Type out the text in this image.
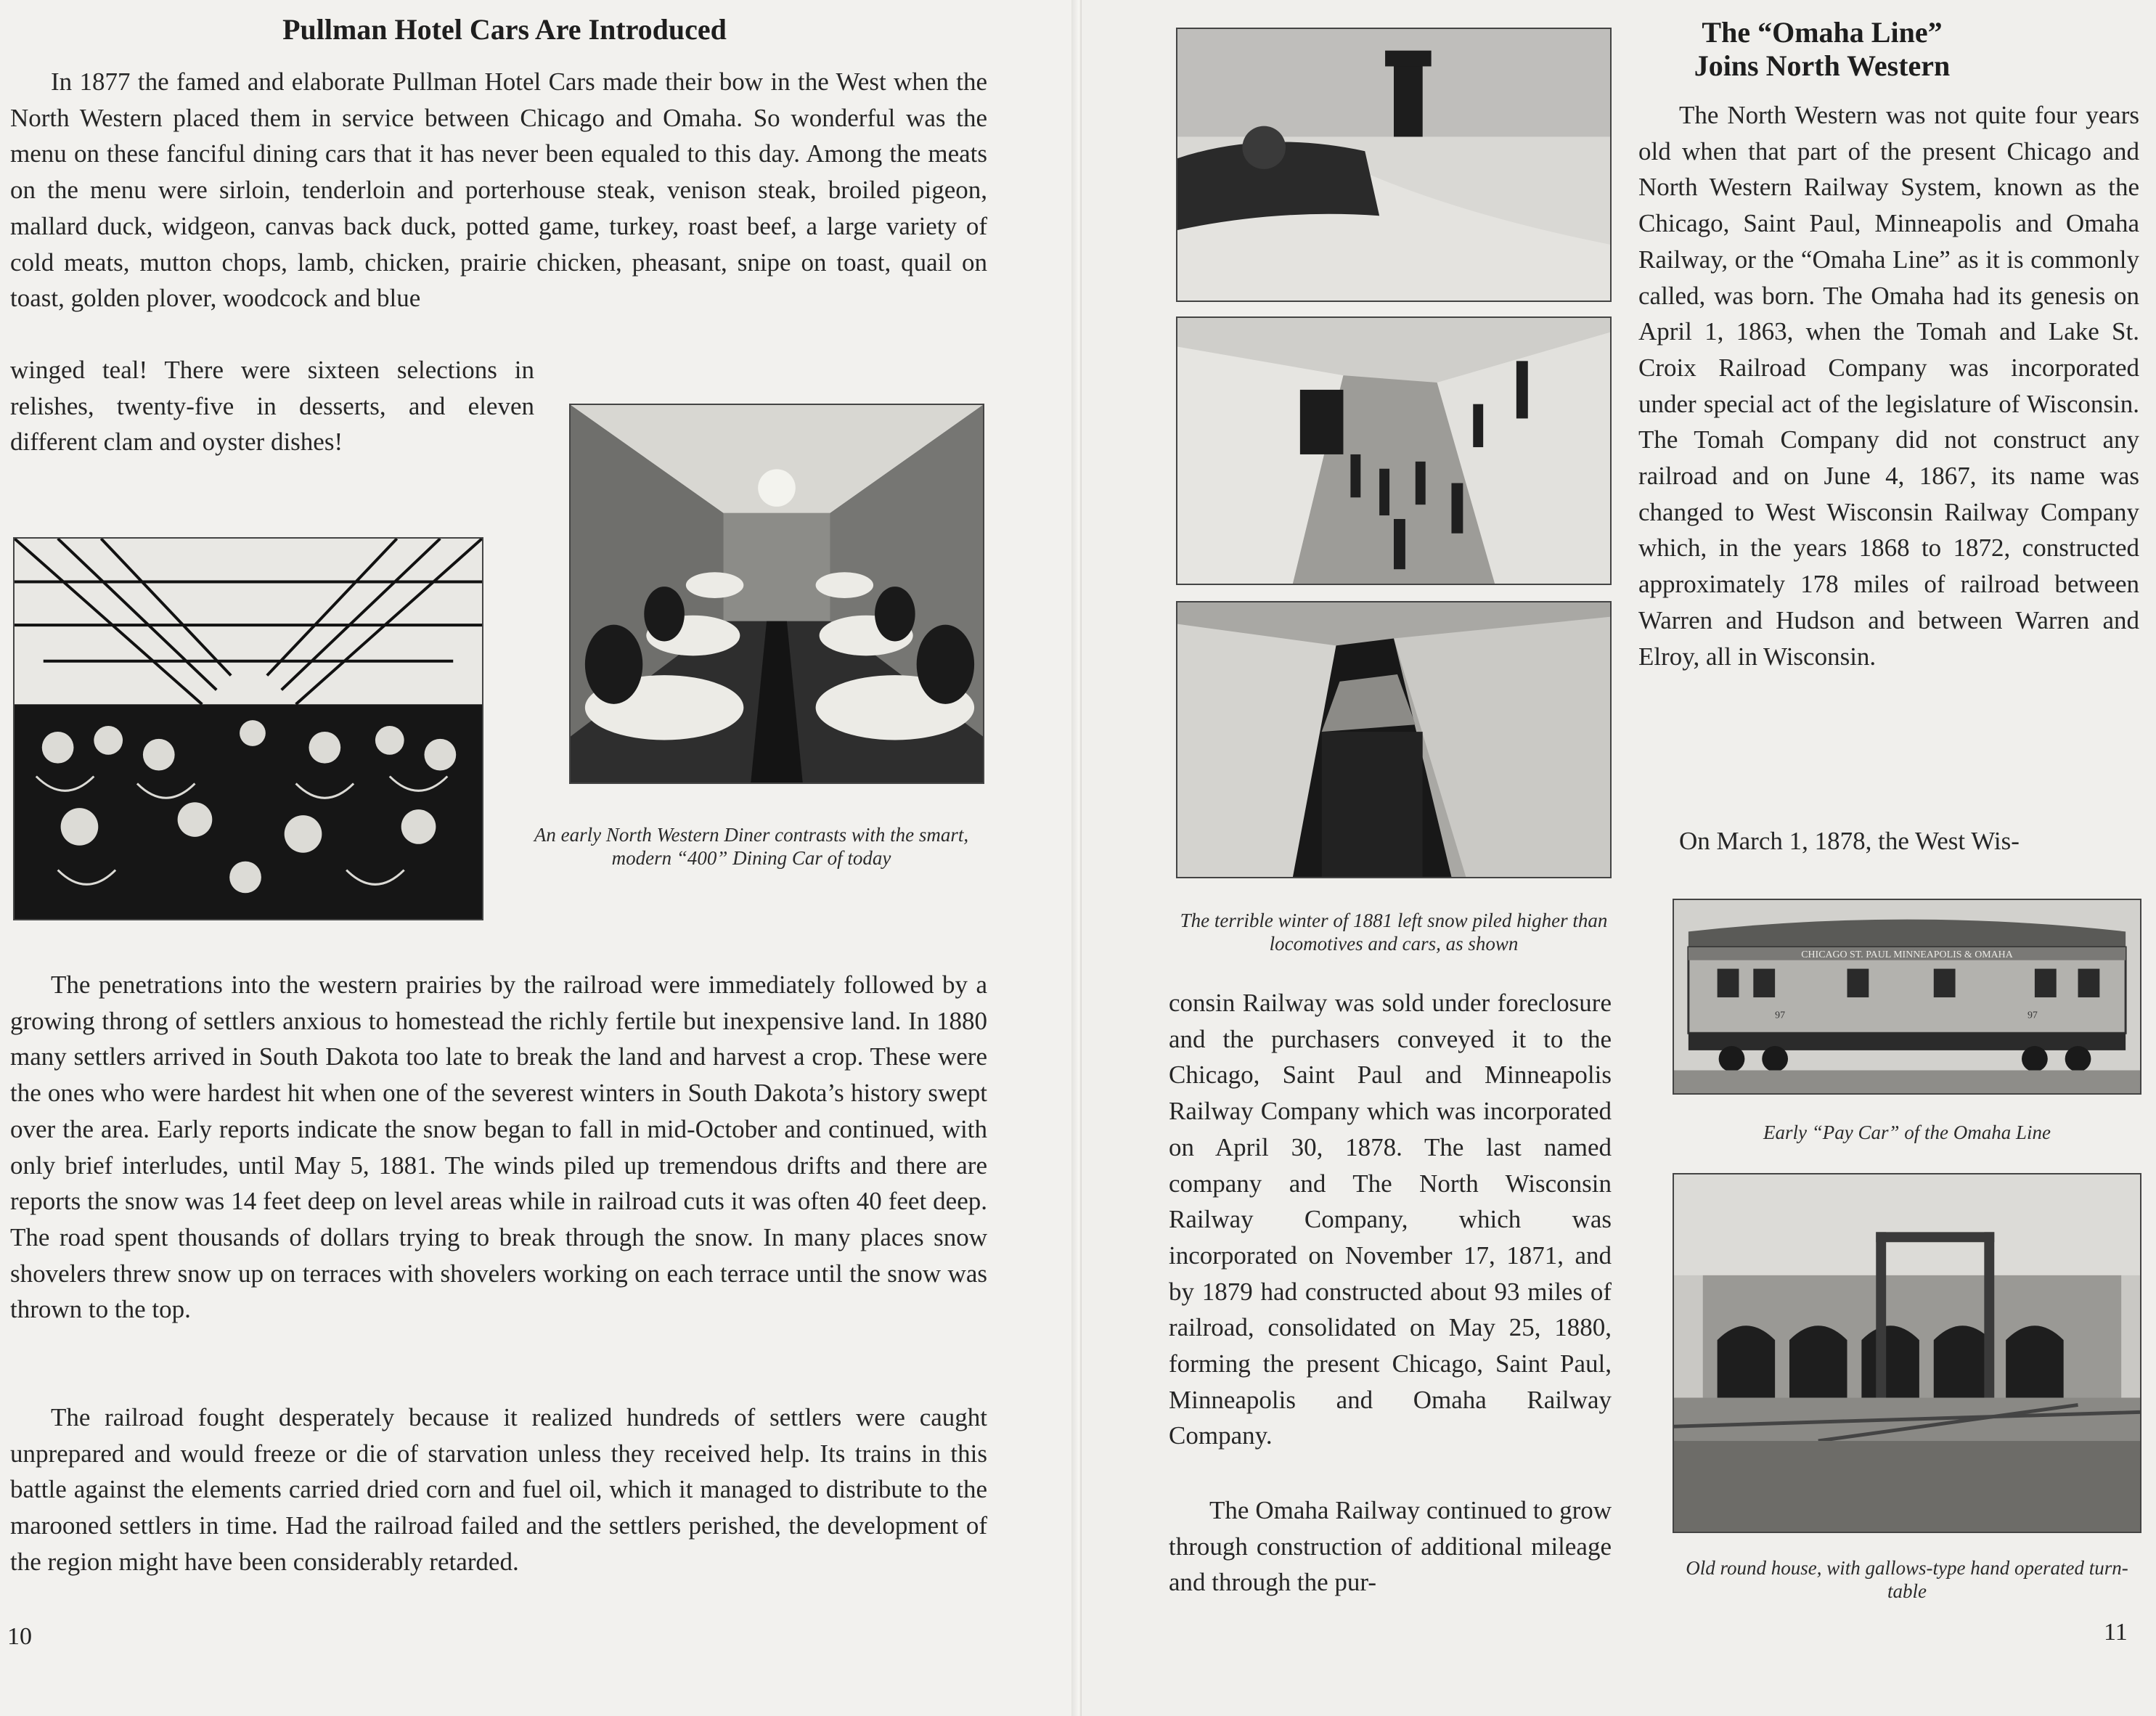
Pullman Hotel Cars Are Introduced

In 1877 the famed and elaborate Pullman Hotel Cars made their bow in the West when the North Western placed them in service between Chicago and Omaha. So wonderful was the menu on these fanciful dining cars that it has never been equaled to this day. Among the meats on the menu were sirloin, tenderloin and porterhouse steak, venison steak, broiled pigeon, mallard duck, widgeon, canvas back duck, potted game, turkey, roast beef, a large variety of cold meats, mutton chops, lamb, chicken, prairie chicken, pheasant, snipe on toast, quail on toast, golden plover, woodcock and blue

winged teal! There were sixteen selections in relishes, twenty-five in desserts, and eleven different clam and oyster dishes!

An early North Western Diner contrasts with the smart, modern “400” Dining Car of today

The penetrations into the western prairies by the railroad were immediately followed by a growing throng of settlers anxious to homestead the richly fertile but inexpensive land. In 1880 many settlers arrived in South Dakota too late to break the land and harvest a crop. These were the ones who were hardest hit when one of the severest winters in South Dakota’s history swept over the area. Early reports indicate the snow began to fall in mid-October and continued, with only brief interludes, until May 5, 1881. The winds piled up tremendous drifts and there are reports the snow was 14 feet deep on level areas while in railroad cuts it was often 40 feet deep. The road spent thousands of dollars trying to break through the snow. In many places snow shovelers threw snow up on terraces with shovelers working on each terrace until the snow was thrown to the top.

The railroad fought desperately because it realized hundreds of settlers were caught unprepared and would freeze or die of starvation unless they received help. Its trains in this battle against the elements carried dried corn and fuel oil, which it managed to distribute to the marooned settlers in time. Had the railroad failed and the settlers perished, the development of the region might have been considerably retarded.

10

The terrible winter of 1881 left snow piled higher than locomotives and cars, as shown

The “Omaha Line” Joins North Western

The North Western was not quite four years old when that part of the present Chicago and North Western Railway System, known as the Chicago, Saint Paul, Minneapolis and Omaha Railway, or the “Omaha Line” as it is commonly called, was born. The Omaha had its genesis on April 1, 1863, when the Tomah and Lake St. Croix Railroad Company was incorporated under special act of the legislature of Wisconsin. The Tomah Company did not construct any railroad and on June 4, 1867, its name was changed to West Wisconsin Railway Company which, in the years 1868 to 1872, constructed approximately 178 miles of railroad between Warren and Hudson and between Warren and Elroy, all in Wisconsin.

On March 1, 1878, the West Wis-

CHICAGO ST. PAUL MINNEAPOLIS & OMAHA
97	97

Early “Pay Car” of the Omaha Line

Old round house, with gallows-type hand operated turn-table

consin Railway was sold under foreclosure and the purchasers conveyed it to the Chicago, Saint Paul and Minneapolis Railway Company which was incorporated on April 30, 1878. The last named company and The North Wisconsin Railway Company, which was incorporated on November 17, 1871, and by 1879 had constructed about 93 miles of railroad, consolidated on May 25, 1880, forming the present Chicago, Saint Paul, Minneapolis and Omaha Railway Company.

The Omaha Railway continued to grow through construction of additional mileage and through the pur-

11
